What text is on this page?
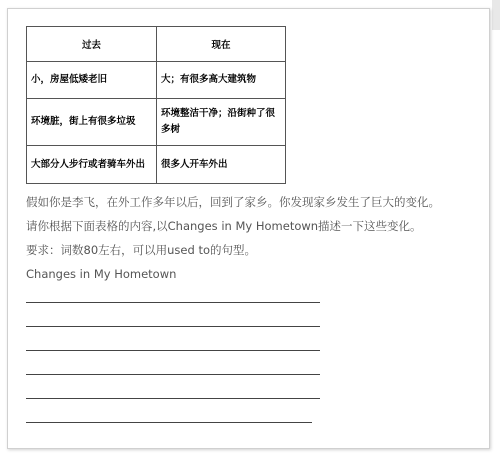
过去	现在
小，房屋低矮老旧	大；有很多高大建筑物
环境脏，街上有很多垃圾	环境整洁干净；沿街种了很多树
大部分人步行或者骑车外出	很多人开车外出

假如你是李飞，在外工作多年以后，回到了家乡。你发现家乡发生了巨大的变化。

请你根据下面表格的内容,以Changes in My Hometown描述一下这些变化。

要求：词数80左右，可以用used to的句型。

Changes in My Hometown
